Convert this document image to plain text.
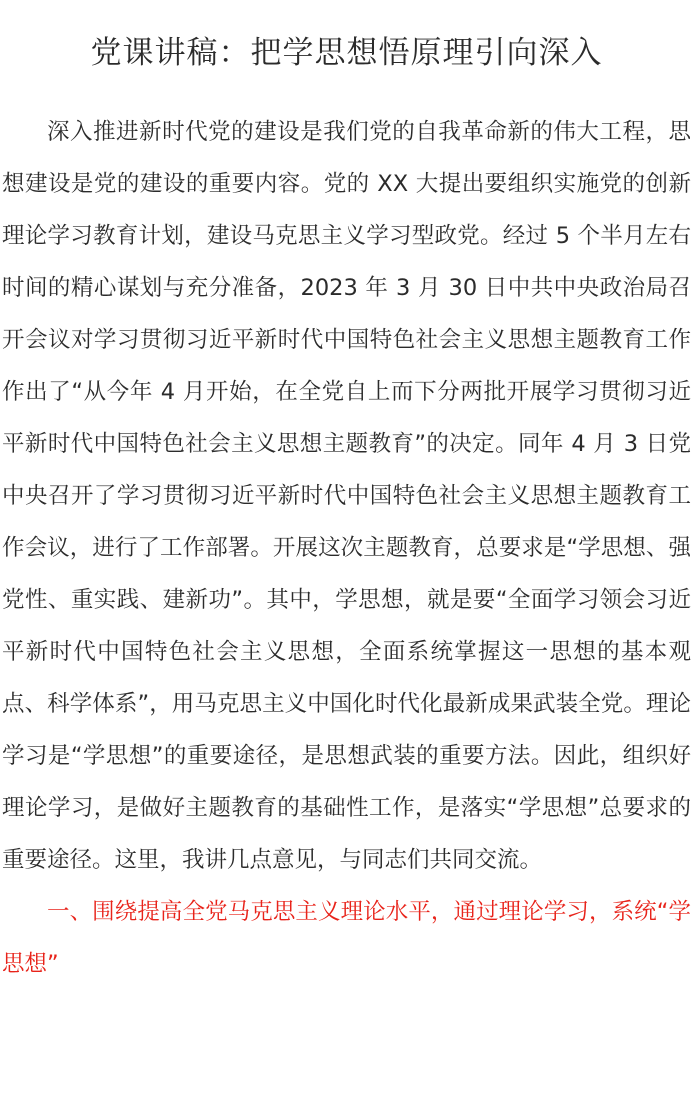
党课讲稿：把学思想悟原理引向深入

深入推进新时代党的建设是我们党的自我革命新的伟大工程，思想建设是党的建设的重要内容。党的 XX 大提出要组织实施党的创新理论学习教育计划，建设马克思主义学习型政党。经过 5 个半月左右时间的精心谋划与充分准备，2023 年 3 月 30 日中共中央政治局召开会议对学习贯彻习近平新时代中国特色社会主义思想主题教育工作作出了“从今年 4 月开始，在全党自上而下分两批开展学习贯彻习近平新时代中国特色社会主义思想主题教育”的决定。同年 4 月 3 日党中央召开了学习贯彻习近平新时代中国特色社会主义思想主题教育工作会议，进行了工作部署。开展这次主题教育，总要求是“学思想、强党性、重实践、建新功”。其中，学思想，就是要“全面学习领会习近平新时代中国特色社会主义思想，全面系统掌握这一思想的基本观点、科学体系”，用马克思主义中国化时代化最新成果武装全党。理论学习是“学思想”的重要途径，是思想武装的重要方法。因此，组织好理论学习，是做好主题教育的基础性工作，是落实“学思想”总要求的重要途径。这里，我讲几点意见，与同志们共同交流。

一、围绕提高全党马克思主义理论水平，通过理论学习，系统“学思想”
